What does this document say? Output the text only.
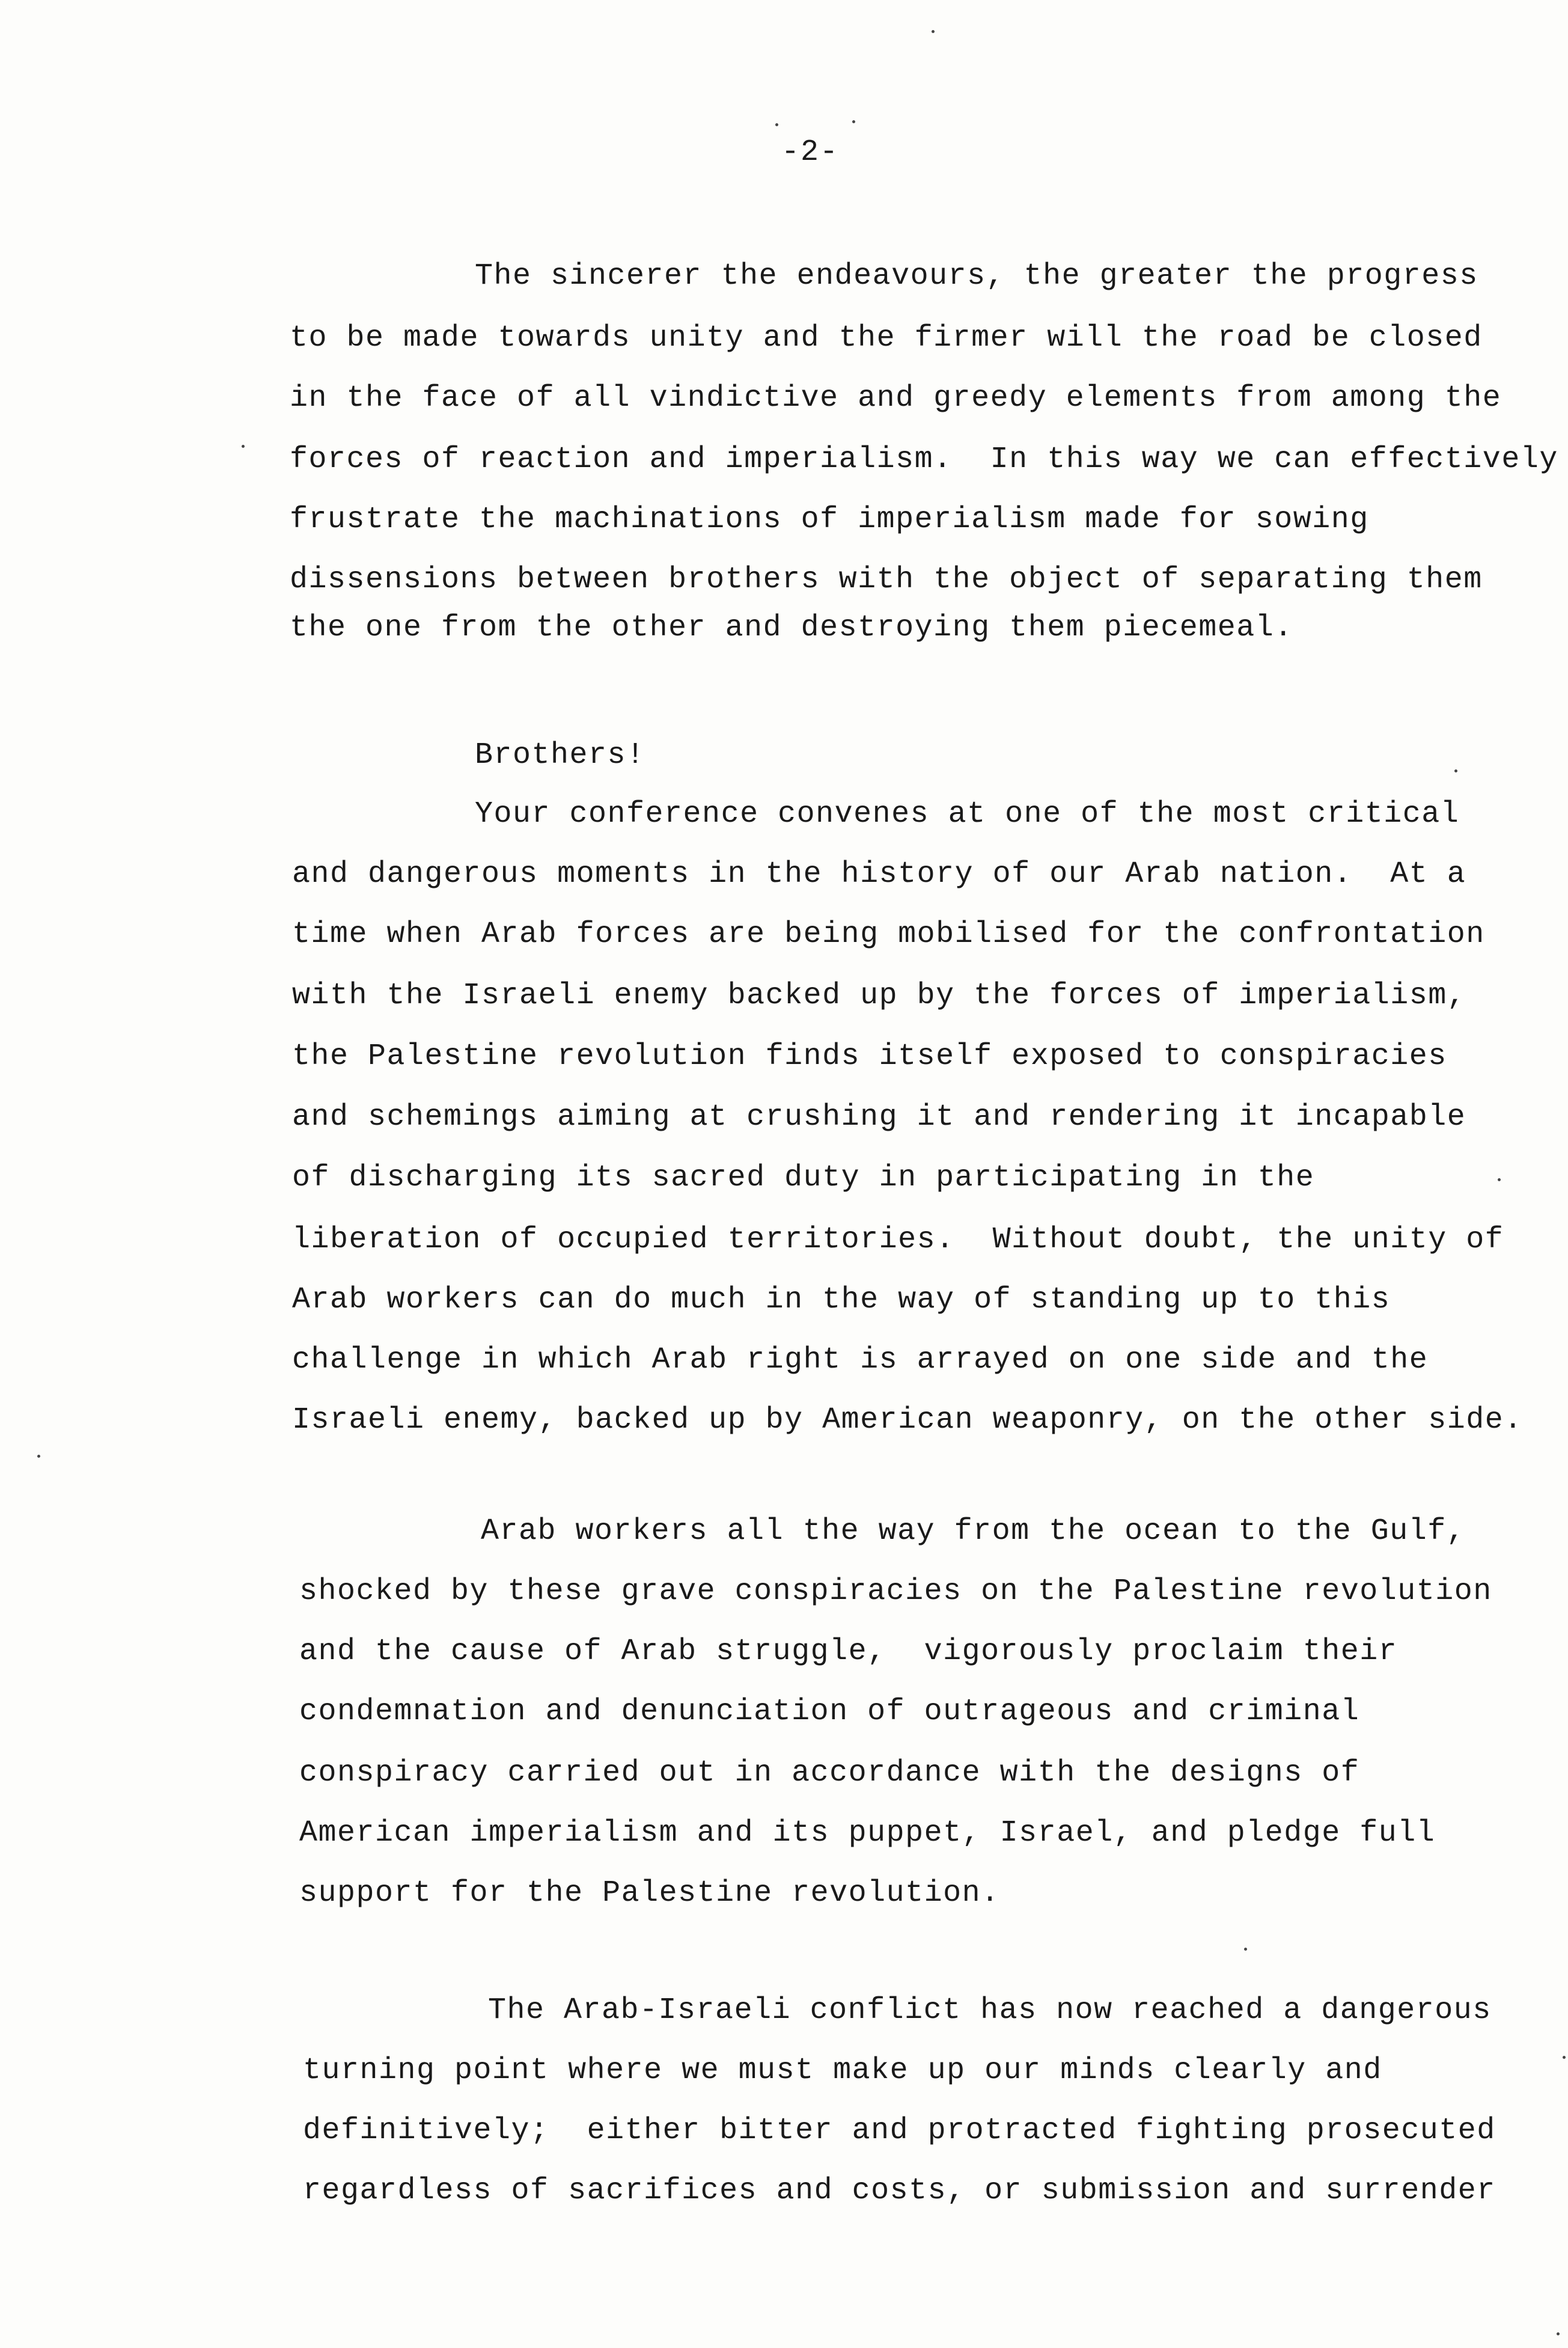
-2-
The sincerer the endeavours, the greater the progress
to be made towards unity and the firmer will the road be closed
in the face of all vindictive and greedy elements from among the
forces of reaction and imperialism.  In this way we can effectively
frustrate the machinations of imperialism made for sowing
dissensions between brothers with the object of separating them
the one from the other and destroying them piecemeal.
Brothers!
Your conference convenes at one of the most critical
and dangerous moments in the history of our Arab nation.  At a
time when Arab forces are being mobilised for the confrontation
with the Israeli enemy backed up by the forces of imperialism,
the Palestine revolution finds itself exposed to conspiracies
and schemings aiming at crushing it and rendering it incapable
of discharging its sacred duty in participating in the
liberation of occupied territories.  Without doubt, the unity of
Arab workers can do much in the way of standing up to this
challenge in which Arab right is arrayed on one side and the
Israeli enemy, backed up by American weaponry, on the other side.
Arab workers all the way from the ocean to the Gulf,
shocked by these grave conspiracies on the Palestine revolution
and the cause of Arab struggle,  vigorously proclaim their
condemnation and denunciation of outrageous and criminal
conspiracy carried out in accordance with the designs of
American imperialism and its puppet, Israel, and pledge full
support for the Palestine revolution.
The Arab-Israeli conflict has now reached a dangerous
turning point where we must make up our minds clearly and
definitively;  either bitter and protracted fighting prosecuted
regardless of sacrifices and costs, or submission and surrender
